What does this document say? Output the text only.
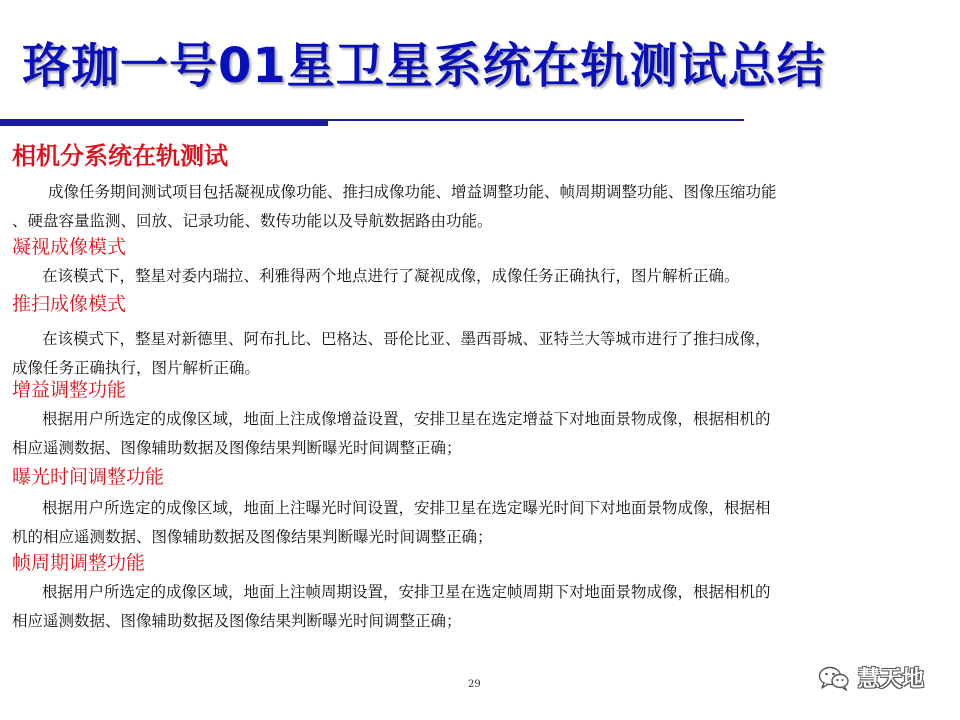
珞珈一号01星卫星系统在轨测试总结
相机分系统在轨测试
成像任务期间测试项目包括凝视成像功能、推扫成像功能、增益调整功能、帧周期调整功能、图像压缩功能
、硬盘容量监测、回放、记录功能、数传功能以及导航数据路由功能。
凝视成像模式
在该模式下，整星对委内瑞拉、利雅得两个地点进行了凝视成像，成像任务正确执行，图片解析正确。
推扫成像模式
在该模式下，整星对新德里、阿布扎比、巴格达、哥伦比亚、墨西哥城、亚特兰大等城市进行了推扫成像，
成像任务正确执行，图片解析正确。
增益调整功能
根据用户所选定的成像区域，地面上注成像增益设置，安排卫星在选定增益下对地面景物成像，根据相机的
相应遥测数据、图像辅助数据及图像结果判断曝光时间调整正确；
曝光时间调整功能
根据用户所选定的成像区域，地面上注曝光时间设置，安排卫星在选定曝光时间下对地面景物成像，根据相
机的相应遥测数据、图像辅助数据及图像结果判断曝光时间调整正确；
帧周期调整功能
根据用户所选定的成像区域，地面上注帧周期设置，安排卫星在选定帧周期下对地面景物成像，根据相机的
相应遥测数据、图像辅助数据及图像结果判断曝光时间调整正确；
29	慧天地
